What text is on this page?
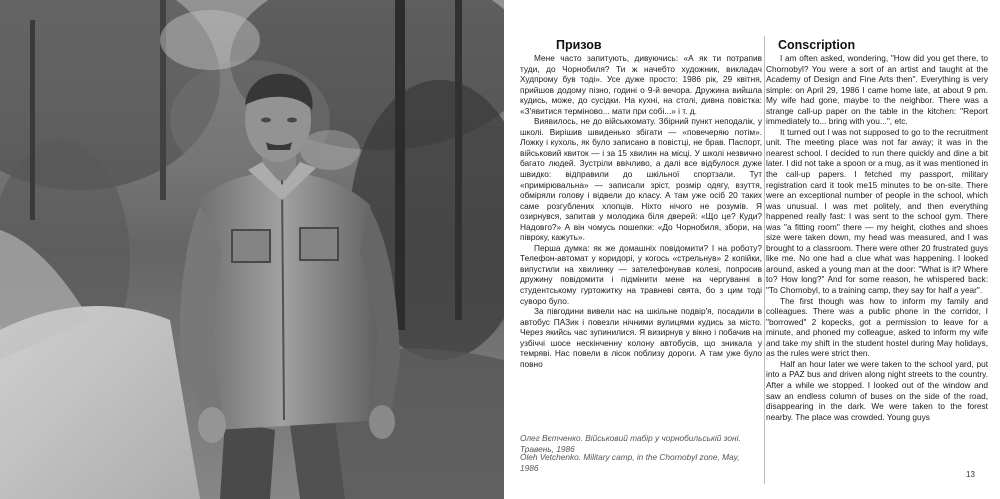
Призов	Conscription

Мене часто запитують, дивуючись: «А як ти потрапив туди, до Чорнобиля? Ти ж начебто художник, викладач Худпрому був тоді». Усе дуже просто: 1986 рік, 29 квітня, прийшов додому пізно, годині о 9-й вечора. Дружина вийшла кудись, може, до сусідки. На кухні, на столі, дивна повістка: «З'явитися терміново... мати при собі...» і т. д.

Виявилось, не до військкомату. Збірний пункт неподалік, у школі. Вирішив швиденько збігати — «повечеряю потім». Ложку і кухоль, як було записано в повістці, не брав. Паспорт, військовий квиток — і за 15 хвилин на місці. У школі незвично багато людей. Зустріли ввічливо, а далі все відбулося дуже швидко: відправили до шкільної спортзали. Тут «примірювальна» — записали зріст, розмір одягу, взуття, обміряли голову і відвели до класу. А там уже осіб 20 таких саме розгублених хлопців. Ніхто нічого не розумів. Я озирнувся, запитав у молодика біля дверей: «Що це? Куди? Надовго?» А він чомусь пошепки: «До Чорнобиля, збори, на півроку, кажуть».

Перша думка: як же домашніх повідомити? І на роботу? Телефон-автомат у коридорі, у когось «стрельнув» 2 копійки, випустили на хвилинку — зателефонував колезі, попросив дружину повідомити і підмінити мене на чергуванні в студентському гуртожитку на травневі свята, бо з цим тоді суворо було.

За півгодини вивели нас на шкільне подвір'я, посадили в автобус ПАЗик і повезли нічними вулицями кудись за місто. Через якийсь час зупинилися. Я визирнув у вікно і побачив на узбіччі шосе нескінченну колону автобусів, що зникала у темряві. Нас повели в лісок поблизу дороги. А там уже було повно

I am often asked, wondering, "How did you get there, to Chornobyl? You were a sort of an artist and taught at the Academy of Design and Fine Arts then". Everything is very simple: on April 29, 1986 I came home late, at about 9 pm. My wife had gone, maybe to the neighbor. There was a strange call-up paper on the table in the kitchen: "Report immediately to... bring with you...", etc.

It turned out I was not supposed to go to the recruitment unit. The meeting place was not far away; it was in the nearest school. I decided to run there quickly and dine a bit later. I did not take a spoon or a mug, as it was mentioned in the call-up papers. I fetched my passport, military registration card it took me15 minutes to be on-site. There were an exceptional number of people in the school, which was unusual. I was met politely, and then everything happened really fast: I was sent to the school gym. There was "a fitting room" there — my height, clothes and shoes size were taken down, my head was measured, and I was brought to a classroom. There were other 20 frustrated guys like me. No one had a clue what was happening. I looked around, asked a young man at the door: "What is it? Where to? How long?" And for some reason, he whispered back: "To Chornobyl, to a training camp, they say for half a year".

The first though was how to inform my family and colleagues. There was a public phone in the corridor, I "borrowed" 2 kopecks, got a permission to leave for a minute, and phoned my colleague, asked to inform my wife and take my shift in the student hostel during May holidays, as the rules were strict then.

Half an hour later we were taken to the school yard, put into a PAZ bus and driven along night streets to the country. After a while we stopped. I looked out of the window and saw an endless column of buses on the side of the road, disappearing in the dark. We were taken to the forest nearby. The place was crowded. Young guys

Олег Вєтченко. Військовий табір у чорнобильській зоні. Травень, 1986
Oleh Vetchenko. Military camp, in the Chornobyl zone, May, 1986
13
